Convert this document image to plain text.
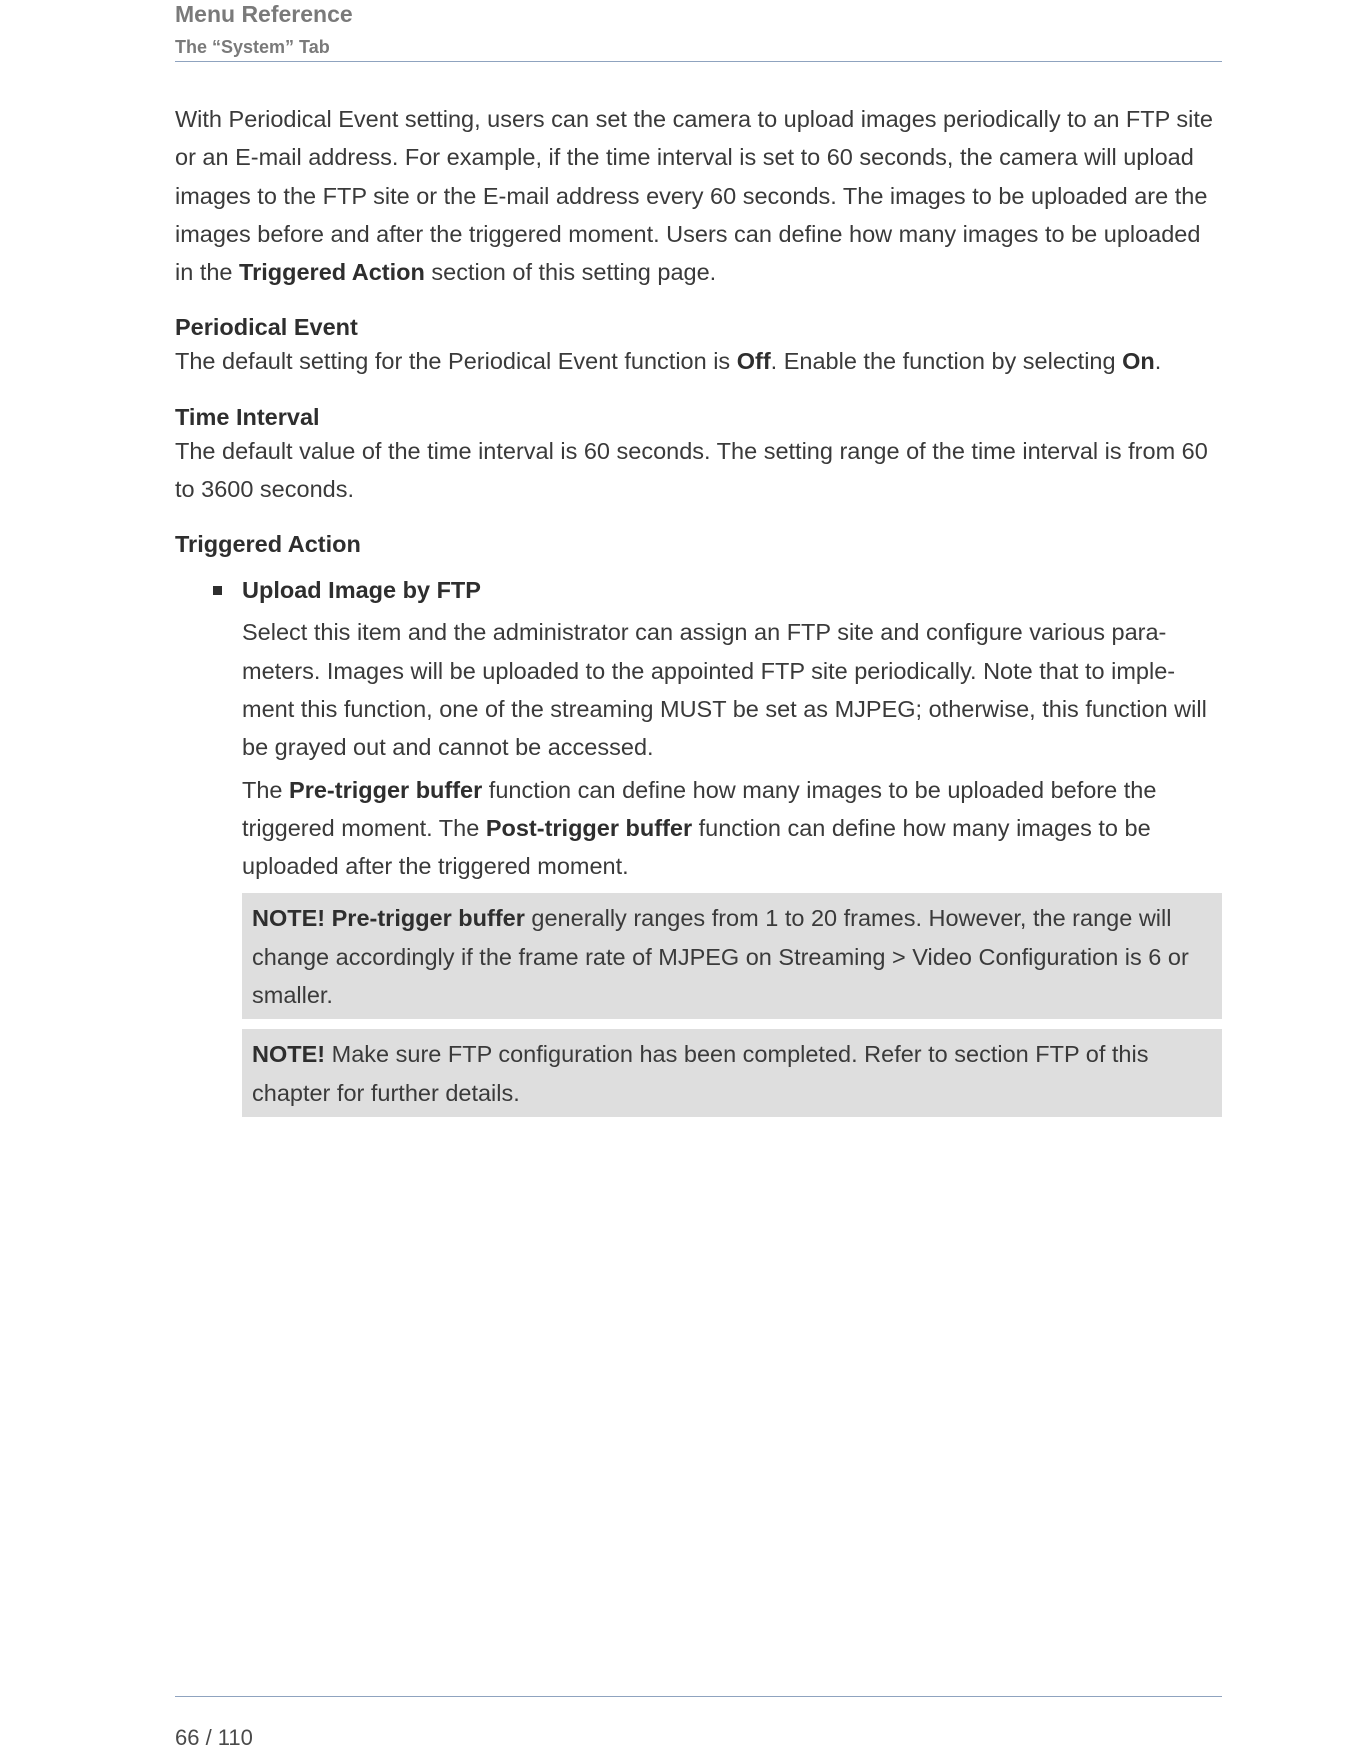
Menu Reference
The “System” Tab

With Periodical Event setting, users can set the camera to upload images periodically to an FTP site or an E-mail address. For example, if the time interval is set to 60 seconds, the camera will upload images to the FTP site or the E-mail address every 60 seconds. The images to be uploaded are the images before and after the triggered moment. Users can define how many images to be uploaded in the Triggered Action section of this setting page.

Periodical Event

The default setting for the Periodical Event function is Off. Enable the function by selecting On.

Time Interval

The default value of the time interval is 60 seconds. The setting range of the time interval is from 60 to 3600 seconds.

Triggered Action

Upload Image by FTP

Select this item and the administrator can assign an FTP site and configure various para-meters. Images will be uploaded to the appointed FTP site periodically. Note that to imple-ment this function, one of the streaming MUST be set as MJPEG; otherwise, this function will be grayed out and cannot be accessed.

The Pre-trigger buffer function can define how many images to be uploaded before the triggered moment. The Post-trigger buffer function can define how many images to be uploaded after the triggered moment.

NOTE! Pre-trigger buffer generally ranges from 1 to 20 frames. However, the range will change accordingly if the frame rate of MJPEG on Streaming > Video Configuration is 6 or smaller.
NOTE! Make sure FTP configuration has been completed. Refer to section FTP of this chapter for further details.
66 / 110
